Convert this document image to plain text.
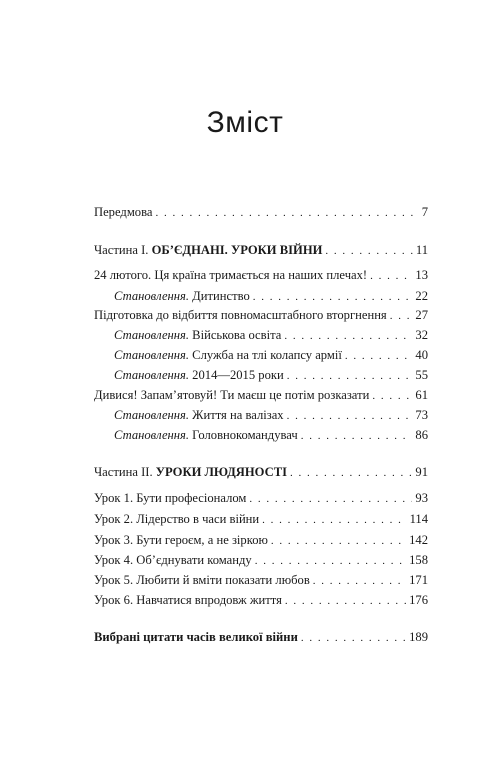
Зміст
Передмова . . .	7
Частина I. ОБ’ЄДНАНІ. УРОКИ ВІЙНИ . . .	11
24 лютого. Ця країна тримається на наших плечах! . . .	13
Становлення. Дитинство . . .	22
Підготовка до відбиття повномасштабного вторгнення . . . 27
Становлення. Військова освіта . . .	32
Становлення. Служба на тлі колапсу армії . . .	40
Становлення. 2014—2015 роки . . .	55
Дивися! Запам’ятовуй! Ти маєш це потім розказати . . .	61
Становлення. Життя на валізах . . .	73
Становлення. Головнокомандувач . . .	86
Частина II. УРОКИ ЛЮДЯНОСТІ . . .	91
Урок 1. Бути професіоналом . . .	93
Урок 2. Лідерство в часи війни . . .	114
Урок 3. Бути героєм, а не зіркою . . .	142
Урок 4. Об’єднувати команду . . .	158
Урок 5. Любити й вміти показати любов . . .	171
Урок 6. Навчатися впродовж життя . . .	176
Вибрані цитати часів великої війни . . .	189
